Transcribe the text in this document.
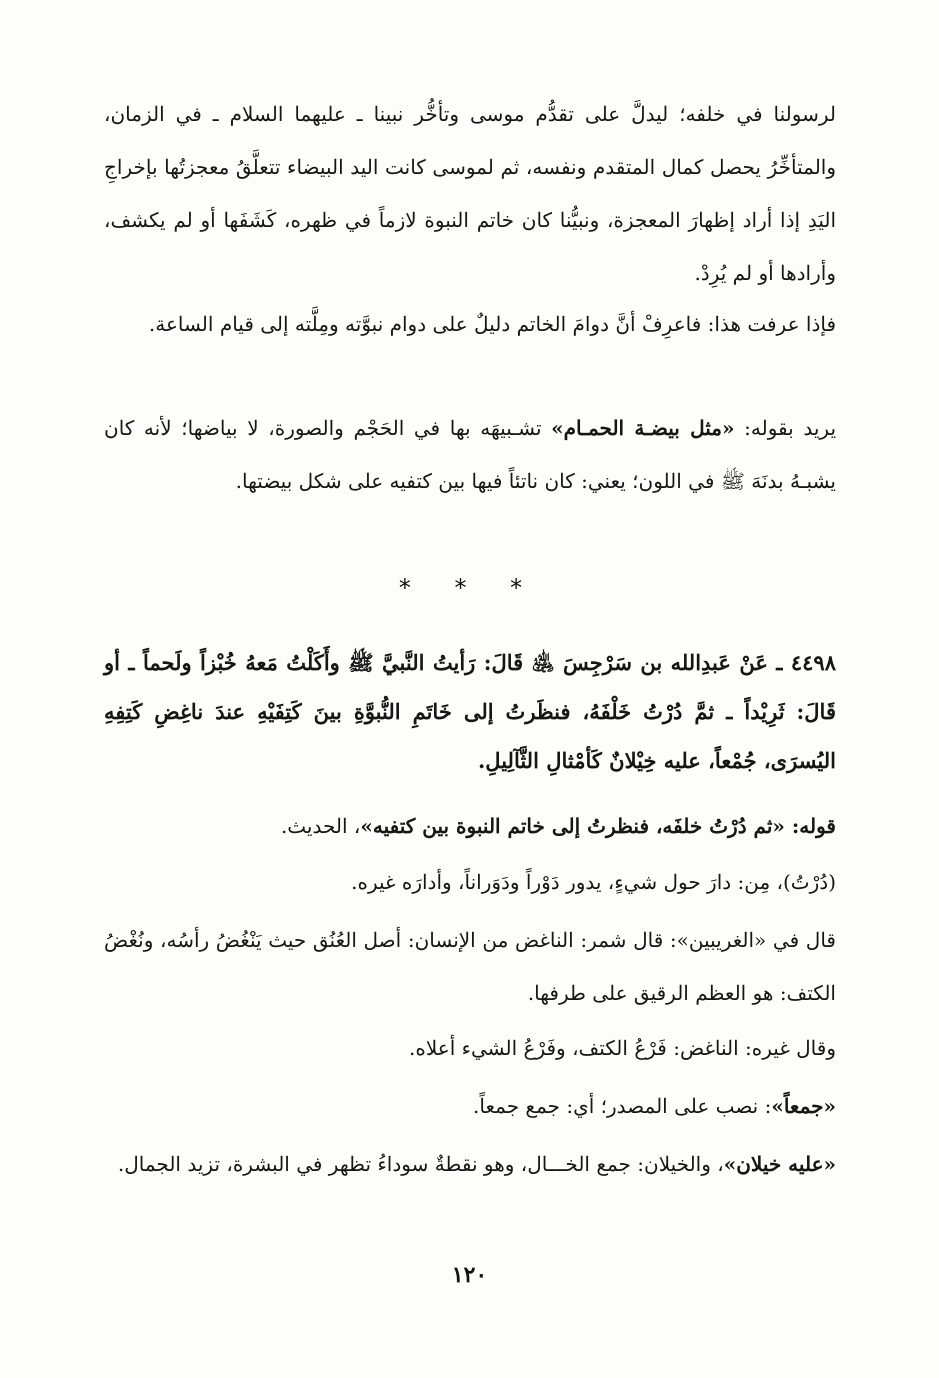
لرسولنا في خلفه؛ ليدلَّ على تقدُّم موسى وتأخُّر نبينا ـ عليهما السلام ـ في الزمان، والمتأخِّرُ يحصل كمال المتقدم ونفسه، ثم لموسى كانت اليد البيضاء تتعلَّقُ معجزتُها بإخراجِ اليَدِ إذا أراد إظهارَ المعجزة، ونبيُّنا كان خاتم النبوة لازماً في ظهره، كَشَفَها أو لم يكشف، وأرادها أو لم يُرِدْ.

فإذا عرفت هذا: فاعرِفْ أنَّ دوامَ الخاتم دليلٌ على دوام نبوَّته ومِلَّته إلى قيام الساعة.

يريد بقوله: «مثل بيضـة الحمـام» تشـبيهَه بها في الحَجْم والصورة، لا بياضها؛ لأنه كان يشبـهُ بدنَهَ ﷺ في اللون؛ يعني: كان ناتئاً فيها بين كتفيه على شكل بيضتها.

* * *

٤٤٩٨ ـ عَنْ عَبدِالله بن سَرْجِسَ ﵁ قَالَ: رَأيتُ النَّبيَّ ﷺ وأَكَلْتُ مَعهُ خُبْزاً ولَحماً ـ أو قَالَ: ثَرِيْداً ـ ثمَّ دُرْتُ خَلْفَهُ، فنظَرتُ إلى خَاتَمِ النُّبوَّةِ بينَ كَتِفَيْهِ عندَ ناغِضِ كَتِفِهِ اليُسرَى، جُمْعاً، عليه خِيْلانٌ كَأمْثالِ الثَّآلِيلِ.

قوله: «ثم دُرْتُ خلفَه، فنظرتُ إلى خاتم النبوة بين كتفيه»، الحديث.

(دُرْتُ)، مِن: دارَ حول شيءٍ، يدور دَوْراً ودَوَراناً، وأدارَه غيره.

قال في «الغريبين»: قال شمر: الناغض من الإنسان: أصل العُنُق حيث يَنْغُضُ رأسُه، ونُغْضُ الكتف: هو العظم الرقيق على طرفها.

وقال غيره: الناغض: فَرْعُ الكتف، وفَرْعُ الشيء أعلاه.

«جمعاً»: نصب على المصدر؛ أي: جمع جمعاً.

«عليه خيلان»، والخيلان: جمع الخـــال، وهو نقطةٌ سوداءُ تظهر في البشرة، تزيد الجمال.

١٢٠
